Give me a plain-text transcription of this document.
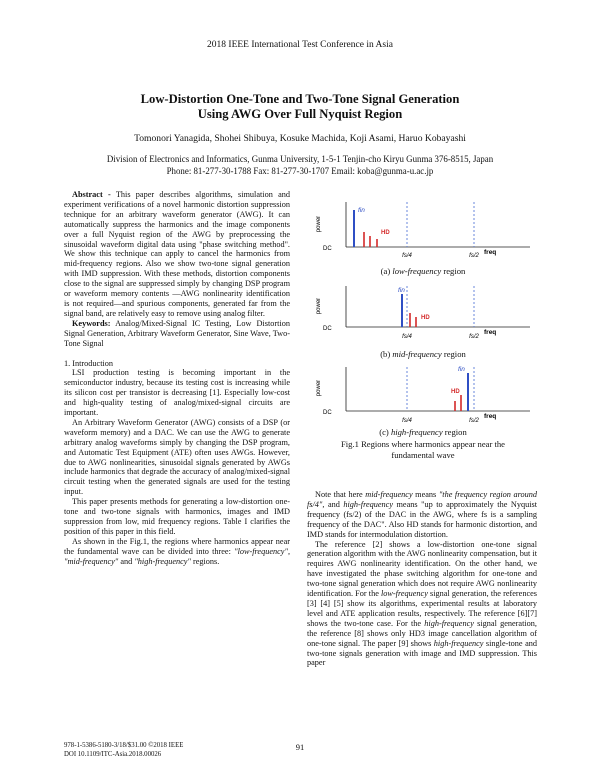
2018 IEEE International Test Conference in Asia
Low-Distortion One-Tone and Two-Tone Signal Generation
Using AWG Over Full Nyquist Region
Tomonori Yanagida, Shohei Shibuya, Kosuke Machida, Koji Asami, Haruo Kobayashi
Division of Electronics and Informatics, Gunma University, 1-5-1 Tenjin-cho Kiryu Gunma 376-8515, Japan
Phone: 81-277-30-1788 Fax: 81-277-30-1707 Email: koba@gunma-u.ac.jp

Abstract - This paper describes algorithms, simulation and experiment verifications of a novel harmonic distortion suppression technique for an arbitrary waveform generator (AWG). It can automatically suppress the harmonics and the image components over a full Nyquist region of the AWG by preprocessing the sinusoidal waveform digital data using "phase switching method". We show this technique can apply to cancel the harmonics from mid-frequency regions. Also we show two-tone signal generation with IMD suppression. With these methods, distortion components close to the signal are suppressed simply by changing DSP program or waveform memory contents —AWG nonlinearity identification is not required—and spurious components, generated far from the signal band, are relatively easy to remove using analog filter.

Keywords: Analog/Mixed-Signal IC Testing, Low Distortion Signal Generation, Arbitrary Waveform Generator, Sine Wave, Two-Tone Signal

1. Introduction

LSI production testing is becoming important in the semiconductor industry, because its testing cost is increasing while its silicon cost per transistor is decreasing [1]. Especially low-cost and high-quality testing of analog/mixed-signal circuits are important.

An Arbitrary Waveform Generator (AWG) consists of a DSP (or waveform memory) and a DAC. We can use the AWG to generate arbitrary analog waveforms simply by changing the DSP program, and Automatic Test Equipment (ATE) often uses AWGs. However, due to AWG nonlinearities, sinusoidal signals generated by AWGs include harmonics that degrade the accuracy of analog/mixed-signal circuit testing when the generated signals are used for the testing input.

This paper presents methods for generating a low-distortion one-tone and two-tone signals with harmonics, images and IMD suppression from low, mid frequency regions. Table I clarifies the position of this paper in this field.

As shown in the Fig.1, the regions where harmonics appear near the fundamental wave can be divided into three: "low-frequency", "mid-frequency" and "high-frequency" regions.

power
DC
fin
HD
fs/4	fs/2 freq
(a) low-frequency region
power
DC
fin
HD
fs/4	fs/2
freq
(b) mid-frequency region
power
DC
HD
fin
fs/4	fs/2
freq
(c) high-frequency region
Fig.1 Regions where harmonics appear near the
fundamental wave

Note that here mid-frequency means "the frequency region around fs/4", and high-frequency means "up to approximately the Nyquist frequency (fs/2) of the DAC in the AWG, where fs is a sampling frequency of the DAC". Also HD stands for harmonic distortion, and IMD stands for intermodulation distortion.

The reference [2] shows a low-distortion one-tone signal generation algorithm with the AWG nonlinearity compensation, but it requires AWG nonlinearity identification. On the other hand, we have investigated the phase switching algorithm for one-tone and two-tone signal generation which does not require AWG nonlinearity identification. For the low-frequency signal generation, the references [3] [4] [5] show its algorithms, experimental results at laboratory level and ATE application results, respectively. The reference [6][7] shows the two-tone case. For the high-frequency signal generation, the reference [8] shows only HD3 image cancellation algorithm of one-tone signal. The paper [9] shows high-frequency single-tone and two-tone signals generation with image and IMD suppression. This paper

978-1-5386-5180-3/18/$31.00 ©2018 IEEE
DOI 10.1109/ITC-Asia.2018.00026
91
